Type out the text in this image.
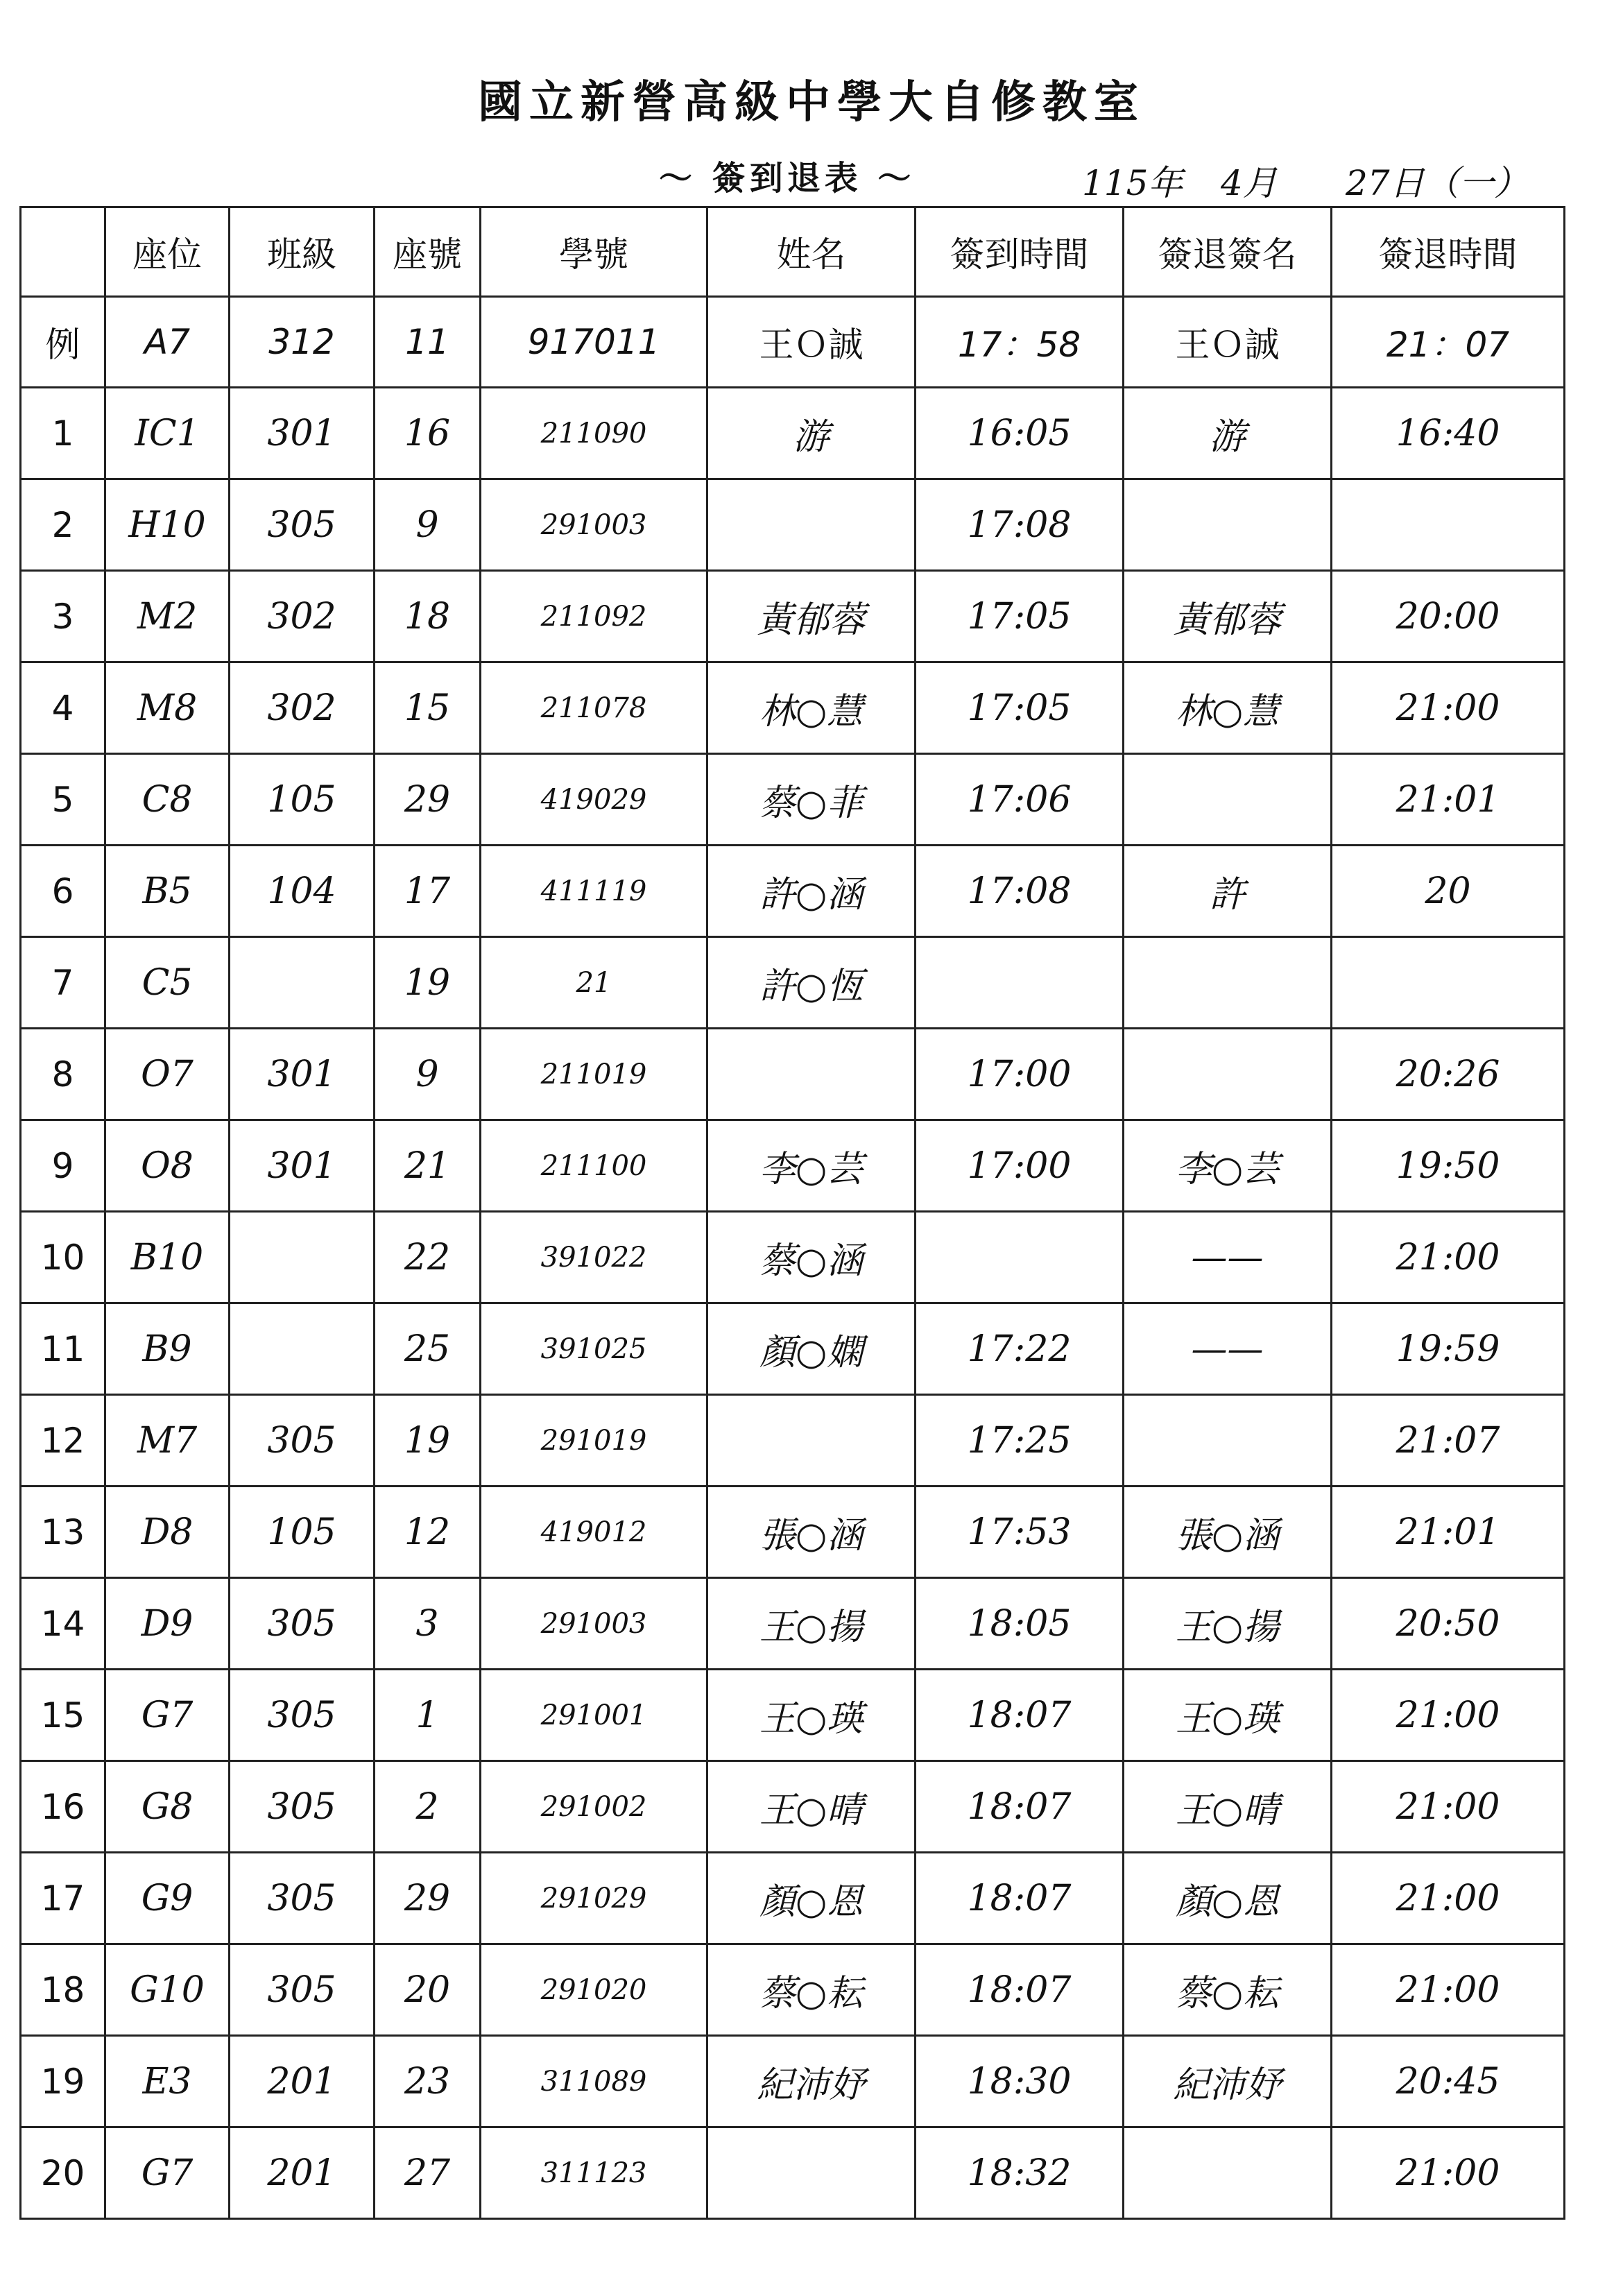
國立新營高級中學大自修教室
～ 簽到退表 ～	115年 4月 27日（一）
	座位	班級	座號	學號	姓名	簽到時間	簽退簽名	簽退時間
例	A7	312	11	917011	王Ｏ誠	17：58	王Ｏ誠	21：07
1	IC1	301	16	211090	游	16:05	游	16:40
2	H10	305	9	291003		17:08		
3	M2	302	18	211092	黃郁蓉	17:05	黃郁蓉	20:00
4	M8	302	15	211078	林○慧	17:05	林○慧	21:00
5	C8	105	29	419029	蔡○菲	17:06		21:01
6	B5	104	17	411119	許○涵	17:08	許	20
7	C5		19	21	許○恆			
8	O7	301	9	211019		17:00		20:26
9	O8	301	21	211100	李○芸	17:00	李○芸	19:50
10	B10		22	391022	蔡○涵		——	21:00
11	B9		25	391025	顏○嫻	17:22	——	19:59
12	M7	305	19	291019		17:25		21:07
13	D8	105	12	419012	張○涵	17:53	張○涵	21:01
14	D9	305	3	291003	王○揚	18:05	王○揚	20:50
15	G7	305	1	291001	王○瑛	18:07	王○瑛	21:00
16	G8	305	2	291002	王○晴	18:07	王○晴	21:00
17	G9	305	29	291029	顏○恩	18:07	顏○恩	21:00
18	G10	305	20	291020	蔡○耘	18:07	蔡○耘	21:00
19	E3	201	23	311089	紀沛妤	18:30	紀沛妤	20:45
20	G7	201	27	311123		18:32		21:00
